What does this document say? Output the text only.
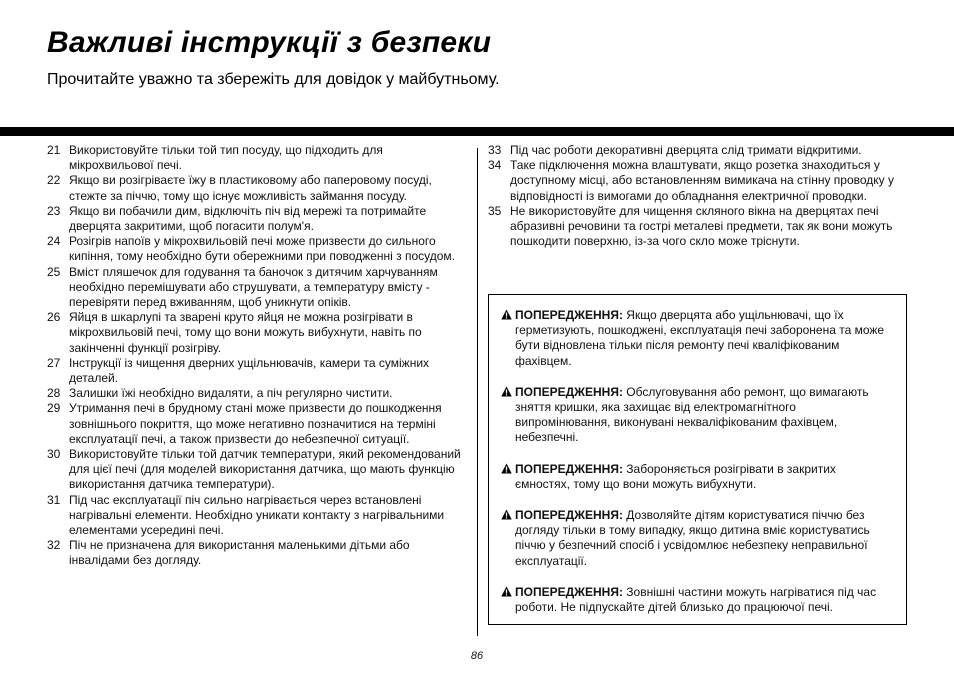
Важливі інструкції з безпеки

Прочитайте уважно та збережіть для довідок у майбутньому.

21 Використовуйте тільки той тип посуду, що підходить для мікрохвильової печі.
22 Якщо ви розігріваєте їжу в пластиковому або паперовому посуді, стежте за піччю, тому що існує можливість займання посуду.
23 Якщо ви побачили дим, відключіть піч від мережі та потримайте дверцята закритими, щоб погасити полум'я.
24 Розігрів напоїв у мікрохвильовій печі може призвести до сильного кипіння, тому необхідно бути обережними при поводженні з посудом.
25 Вміст пляшечок для годування та баночок з дитячим харчуванням необхідно перемішувати або струшувати, а температуру вмісту - перевіряти перед вживанням, щоб уникнути опіків.
26 Яйця в шкарлупі та зварені круто яйця не можна розігрівати в мікрохвильовій печі, тому що вони можуть вибухнути, навіть по закінченні функції розігріву.
27 Інструкції із чищення дверних ущільнювачів, камери та суміжних деталей.
28 Залишки їжі необхідно видаляти, а піч регулярно чистити.
29 Утримання печі в брудному стані може призвести до пошкодження зовнішнього покриття, що може негативно позначитися на терміні експлуатації печі, а також призвести до небезпечної ситуації.
30 Використовуйте тільки той датчик температури, який рекомендований для цієї печі (для моделей використання датчика, що мають функцію використання датчика температури).
31 Під час експлуатації піч сильно нагрівається через встановлені нагрівальні елементи. Необхідно уникати контакту з нагрівальними елементами усередині печі.
32 Піч не призначена для використання маленькими дітьми або інвалідами без догляду.
33 Під час роботи декоративні дверцята слід тримати відкритими.
34 Таке підключення можна влаштувати, якщо розетка знаходиться у доступному місці, або встановленням вимикача на стінну проводку у відповідності із вимогами до обладнання електричної проводки.
35 Не використовуйте для чищення скляного вікна на дверцятах печі абразивні речовини та гострі металеві предмети, так як вони можуть пошкодити поверхню, із-за чого скло може тріснути.
ПОПЕРЕДЖЕННЯ: Якщо дверцята або ущільнювачі, що їх герметизують, пошкоджені, експлуатація печі заборонена та може бути відновлена тільки після ремонту печі кваліфікованим фахівцем.
ПОПЕРЕДЖЕННЯ: Обслуговування або ремонт, що вимагають зняття кришки, яка захищає від електромагнітного випромінювання, виконувані некваліфікованим фахівцем, небезпечні.
ПОПЕРЕДЖЕННЯ: Забороняється розігрівати в закритих ємностях, тому що вони можуть вибухнути.
ПОПЕРЕДЖЕННЯ: Дозволяйте дітям користуватися піччю без догляду тільки в тому випадку, якщо дитина вміє користуватись піччю у безпечний спосіб і усвідомлює небезпеку неправильної експлуатації.
ПОПЕРЕДЖЕННЯ: Зовнішні частини можуть нагріватися під час роботи. Не підпускайте дітей близько до працюючої печі.
86
